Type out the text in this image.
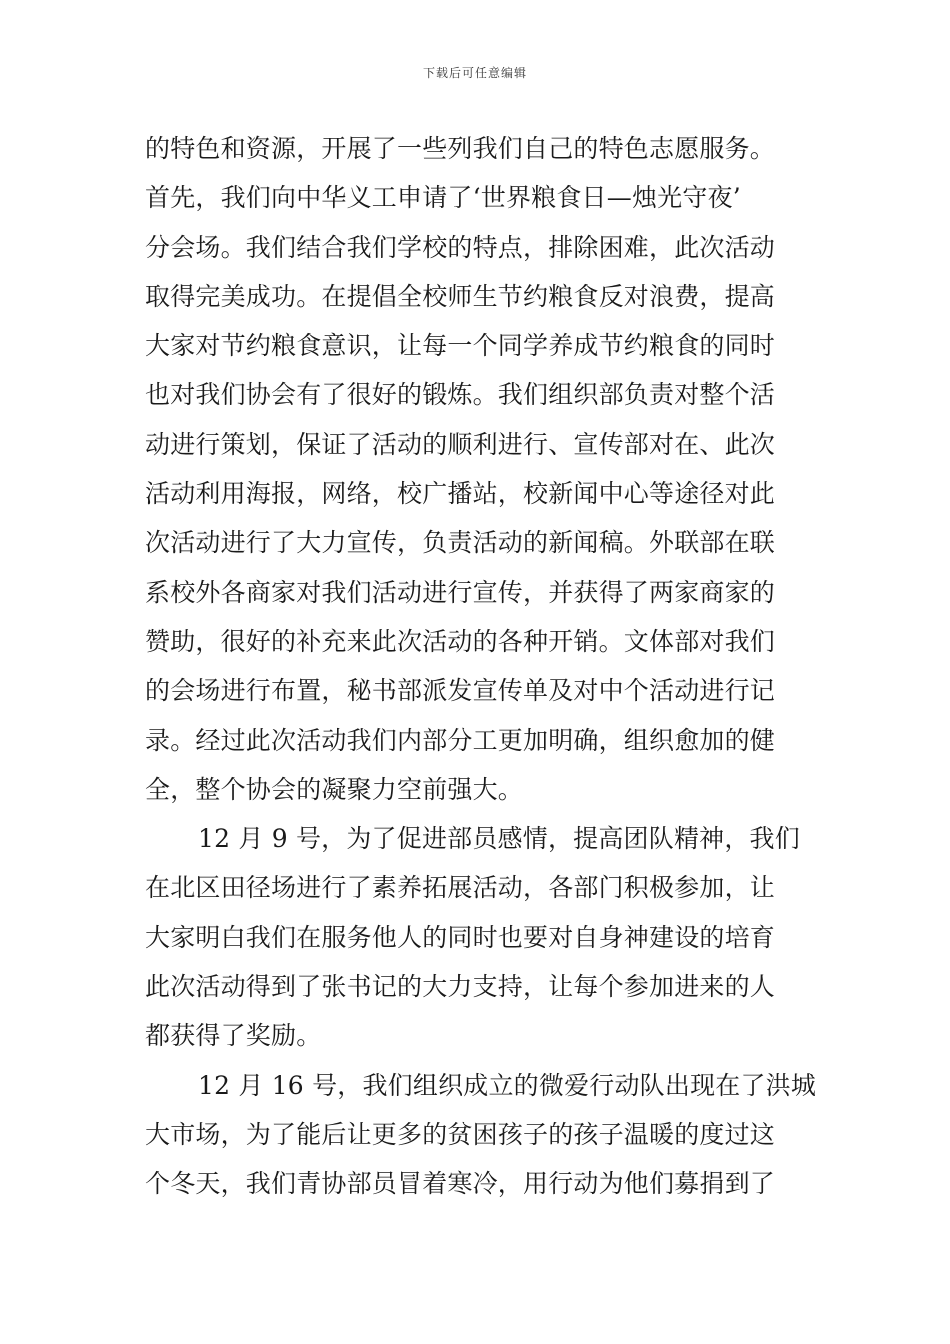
下载后可任意编辑

的特色和资源，开展了一些列我们自己的特色志愿服务。
首先，我们向中华义工申请了‘世界粮食日—烛光守夜’
分会场。我们结合我们学校的特点，排除困难，此次活动
取得完美成功。在提倡全校师生节约粮食反对浪费，提高
大家对节约粮食意识，让每一个同学养成节约粮食的同时
也对我们协会有了很好的锻炼。我们组织部负责对整个活
动进行策划，保证了活动的顺利进行、宣传部对在、此次
活动利用海报，网络，校广播站，校新闻中心等途径对此
次活动进行了大力宣传，负责活动的新闻稿。外联部在联
系校外各商家对我们活动进行宣传，并获得了两家商家的
赞助，很好的补充来此次活动的各种开销。文体部对我们
的会场进行布置，秘书部派发宣传单及对中个活动进行记
录。经过此次活动我们内部分工更加明确，组织愈加的健
全，整个协会的凝聚力空前强大。

12 月 9 号，为了促进部员感情，提高团队精神，我们
在北区田径场进行了素养拓展活动，各部门积极参加，让
大家明白我们在服务他人的同时也要对自身神建设的培育
此次活动得到了张书记的大力支持，让每个参加进来的人
都获得了奖励。

12 月 16 号，我们组织成立的微爱行动队出现在了洪城
大市场，为了能后让更多的贫困孩子的孩子温暖的度过这
个冬天，我们青协部员冒着寒冷，用行动为他们募捐到了
